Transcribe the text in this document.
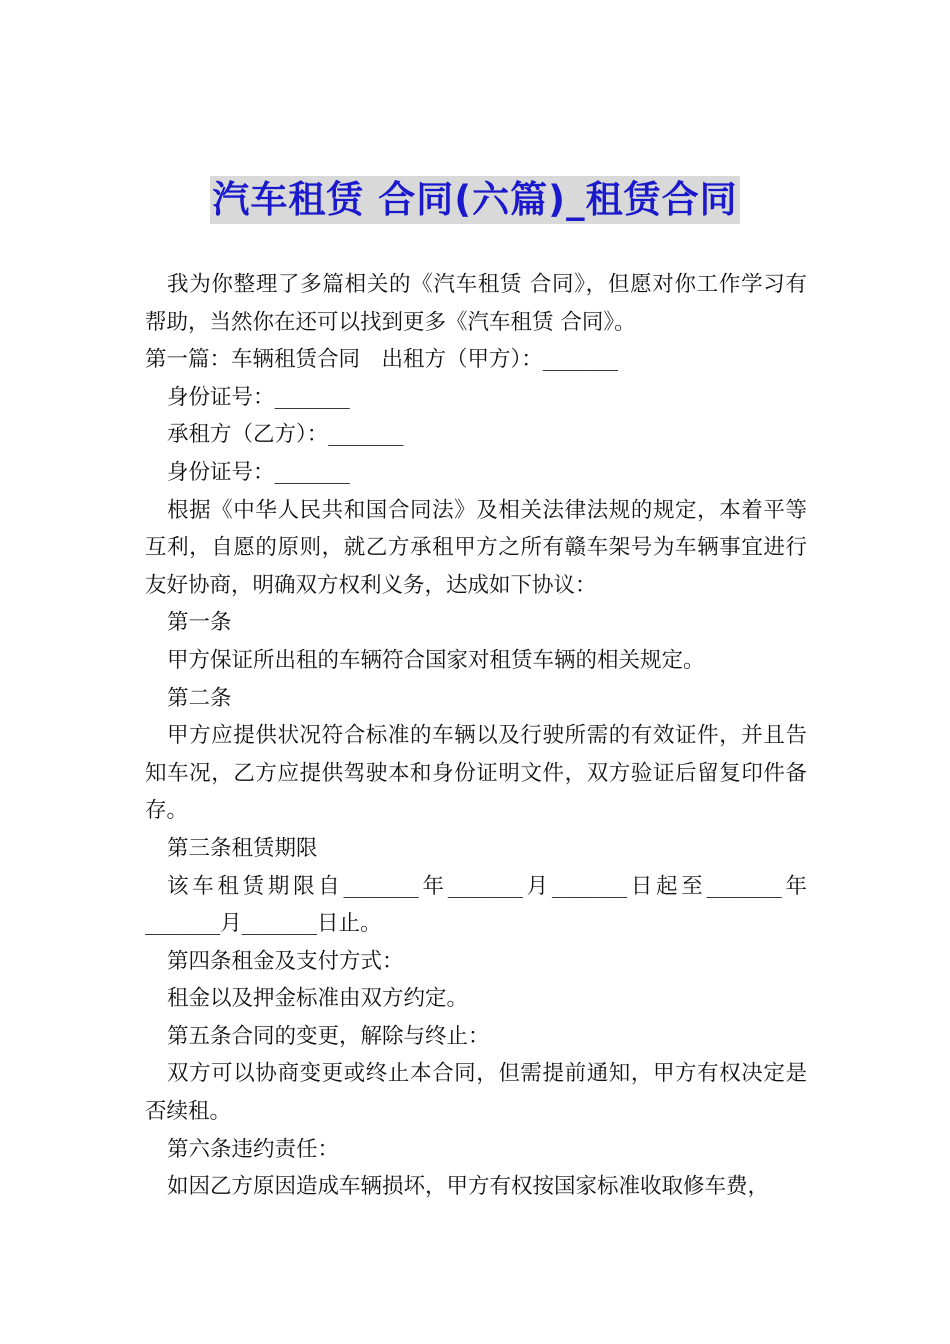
汽车租赁 合同(六篇)_租赁合同

我为你整理了多篇相关的《汽车租赁 合同》，但愿对你工作学习有帮助，当然你在还可以找到更多《汽车租赁 合同》。

第一篇：车辆租赁合同　出租方（甲方）：_______

身份证号：_______

承租方（乙方）：_______

身份证号：_______

根据《中华人民共和国合同法》及相关法律法规的规定，本着平等互利，自愿的原则，就乙方承租甲方之所有赣车架号为车辆事宜进行友好协商，明确双方权利义务，达成如下协议：

第一条

甲方保证所出租的车辆符合国家对租赁车辆的相关规定。

第二条

甲方应提供状况符合标准的车辆以及行驶所需的有效证件，并且告知车况，乙方应提供驾驶本和身份证明文件，双方验证后留复印件备存。

第三条租赁期限

该车租赁期限自_______年_______月_______日起至_______年_______月_______日止。

第四条租金及支付方式：

租金以及押金标准由双方约定。

第五条合同的变更，解除与终止：

双方可以协商变更或终止本合同，但需提前通知，甲方有权决定是否续租。

第六条违约责任：

如因乙方原因造成车辆损坏，甲方有权按国家标准收取修车费，
